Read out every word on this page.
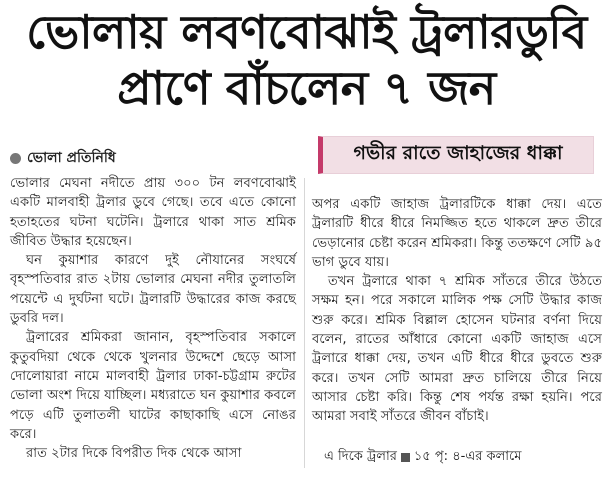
ভোলায় লবণবোঝাই ট্রলারডুবি
প্রাণে বাঁচলেন ৭ জন
ভোলা প্রতিনিধি	গভীর রাতে জাহাজের ধাক্কা

ভোলার মেঘনা নদীতে প্রায় ৩০০ টন লবণবোঝাই একটি মালবাহী ট্রলার ডুবে গেছে। তবে এতে কোনো হতাহতের ঘটনা ঘটেনি। ট্রলারে থাকা সাত শ্রমিক জীবিত উদ্ধার হয়েছেন।

ঘন কুয়াশার কারণে দুই নৌযানের সংঘর্ষে বৃহস্পতিবার রাত ২টায় ভোলার মেঘনা নদীর তুলাতলি পয়েন্টে এ দুর্ঘটনা ঘটে। ট্রলারটি উদ্ধারের কাজ করছে ডুবরি দল।

ট্রলারের শ্রমিকরা জানান, বৃহস্পতিবার সকালে কুতুবদিয়া থেকে থেকে খুলনার উদ্দেশে ছেড়ে আসা দোলোয়ারা নামে মালবাহী ট্রলার ঢাকা-চট্টগ্রাম রুটের ভোলা অংশ দিয়ে যাচ্ছিল। মধ্যরাতে ঘন কুয়াশার কবলে পড়ে এটি তুলাতলী ঘাটের কাছাকাছি এসে নোঙর করে।

রাত ২টার দিকে বিপরীত দিক থেকে আসা

অপর একটি জাহাজ ট্রলারটিকে ধাক্কা দেয়। এতে ট্রলারটি ধীরে ধীরে নিমজ্জিত হতে থাকলে দ্রুত তীরে ভেড়ানোর চেষ্টা করেন শ্রমিকরা। কিন্তু ততক্ষণে সেটি ৯৫ ভাগ ডুবে যায়।

তখন ট্রলারে থাকা ৭ শ্রমিক সাঁতরে তীরে উঠতে সক্ষম হন। পরে সকালে মালিক পক্ষ সেটি উদ্ধার কাজ শুরু করে। শ্রমিক বিল্লাল হোসেন ঘটনার বর্ণনা দিয়ে বলেন, রাতের আঁধারে কোনো একটি জাহাজ এসে ট্রলারে ধাক্কা দেয়, তখন এটি ধীরে ধীরে ডুবতে শুরু করে। তখন সেটি আমরা দ্রুত চালিয়ে তীরে নিয়ে আসার চেষ্টা করি। কিন্তু শেষ পর্যন্ত রক্ষা হয়নি। পরে আমরা সবাই সাঁতরে জীবন বাঁচাই।

এ দিকে ট্রলার ১৫ পৃ: ৪-এর কলামে
